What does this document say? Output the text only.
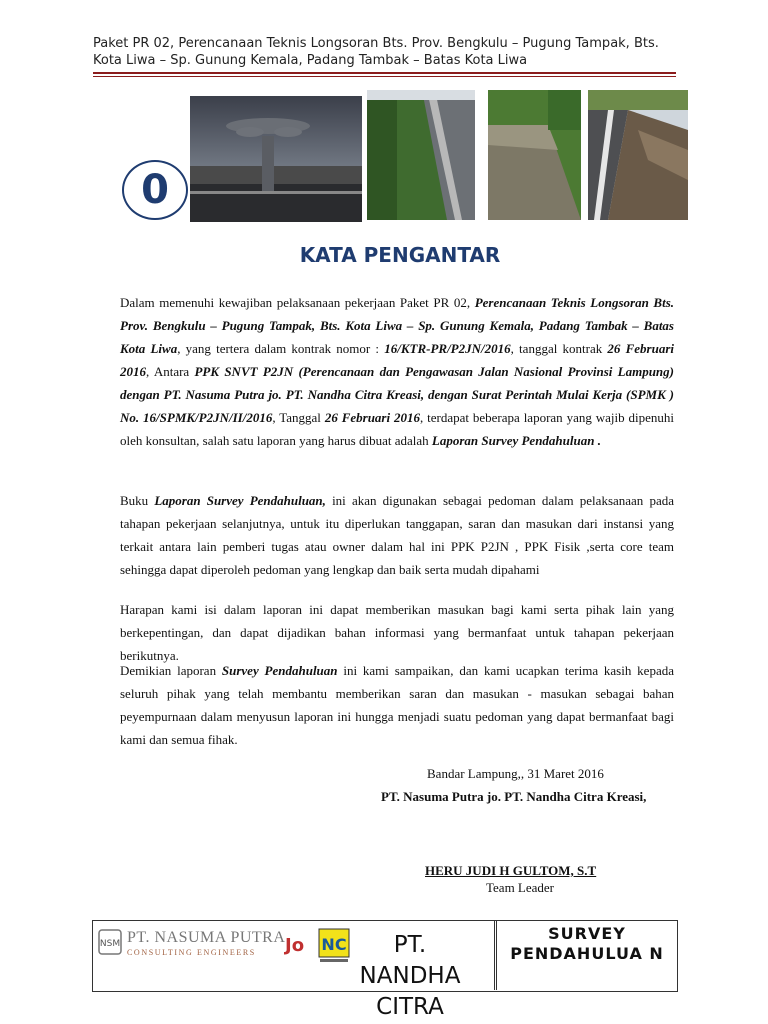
Paket PR 02, Perencanaan Teknis Longsoran Bts. Prov. Bengkulu – Pugung Tampak, Bts.
Kota Liwa – Sp. Gunung Kemala, Padang Tambak – Batas Kota Liwa
0
KATA PENGANTAR
Dalam memenuhi kewajiban pelaksanaan pekerjaan Paket PR 02, Perencanaan Teknis Longsoran Bts. Prov. Bengkulu – Pugung Tampak, Bts. Kota Liwa – Sp. Gunung Kemala, Padang Tambak – Batas Kota Liwa, yang tertera dalam kontrak nomor : 16/KTR-PR/P2JN/2016, tanggal kontrak 26 Februari 2016, Antara PPK SNVT P2JN (Perencanaan dan Pengawasan Jalan Nasional Provinsi Lampung) dengan PT. Nasuma Putra jo. PT. Nandha Citra Kreasi, dengan Surat Perintah Mulai Kerja (SPMK ) No. 16/SPMK/P2JN/II/2016, Tanggal 26 Februari 2016, terdapat beberapa laporan yang wajib dipenuhi oleh konsultan, salah satu laporan yang harus dibuat adalah Laporan Survey Pendahuluan .
Buku Laporan Survey Pendahuluan, ini akan digunakan sebagai pedoman dalam pelaksanaan pada tahapan pekerjaan selanjutnya, untuk itu diperlukan tanggapan, saran dan masukan dari instansi yang terkait antara lain pemberi tugas atau owner dalam hal ini PPK P2JN , PPK Fisik ,serta core team sehingga dapat diperoleh pedoman yang lengkap dan baik serta mudah dipahami
Harapan kami isi dalam laporan ini dapat memberikan masukan bagi kami serta pihak lain yang berkepentingan, dan dapat dijadikan bahan informasi yang bermanfaat untuk tahapan pekerjaan berikutnya.
Demikian laporan Survey Pendahuluan ini kami sampaikan, dan kami ucapkan terima kasih kepada seluruh pihak yang telah membantu memberikan saran dan masukan - masukan sebagai bahan peyempurnaan dalam menyusun laporan ini hungga menjadi suatu pedoman yang dapat bermanfaat bagi kami dan semua fihak.
Bandar Lampung,, 31 Maret 2016
PT. Nasuma Putra jo. PT. Nandha Citra Kreasi,
HERU JUDI H GULTOM, S.T
Team Leader
NSM PT. NASUMA PUTRA
CONSULTING ENGINEERS Jo NC	PT. NANDHA CITRA
SURVEY PENDAHULUA N
